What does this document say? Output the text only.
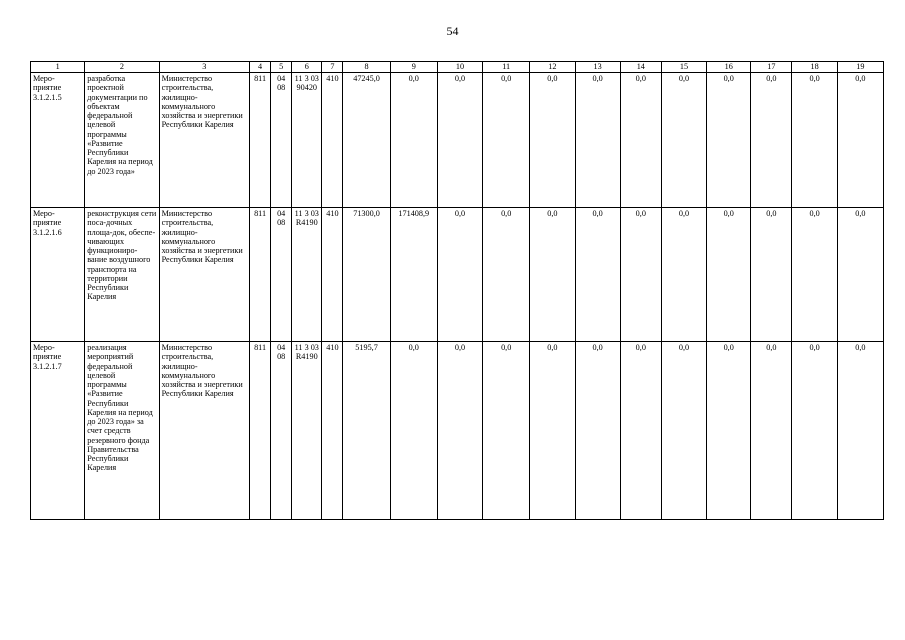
54
1	2	3	4	5	6	7	8	9	10	11	12	13	14	15	16	17	18	19
Меро-приятие 3.1.2.1.5	разработка проектной документации по объектам федеральной целевой программы «Развитие Республики Карелия на период до 2023 года»	Министерство строительства, жилищно-коммунального хозяйства и энергетики Республики Карелия	811	04 08	11 3 03 90420	410	47245,0	0,0	0,0	0,0	0,0	0,0	0,0	0,0	0,0	0,0	0,0	0,0
Меро-приятие 3.1.2.1.6	реконструкция сети поса-дочных площа-док, обеспе-чивающих функциониро-вание воздушного транспорта на территории Республики Карелия	Министерство строительства, жилищно-коммунального хозяйства и энергетики Республики Карелия	811	04 08	11 3 03 R4190	410	71300,0	171408,9	0,0	0,0	0,0	0,0	0,0	0,0	0,0	0,0	0,0	0,0
Меро-приятие 3.1.2.1.7	реализация мероприятий федеральной целевой программы «Развитие Республики Карелия на период до 2023 года» за счет средств резервного фонда Правительства Республики Карелия	Министерство строительства, жилищно-коммунального хозяйства и энергетики Республики Карелия	811	04 08	11 3 03 R4190	410	5195,7	0,0	0,0	0,0	0,0	0,0	0,0	0,0	0,0	0,0	0,0	0,0
